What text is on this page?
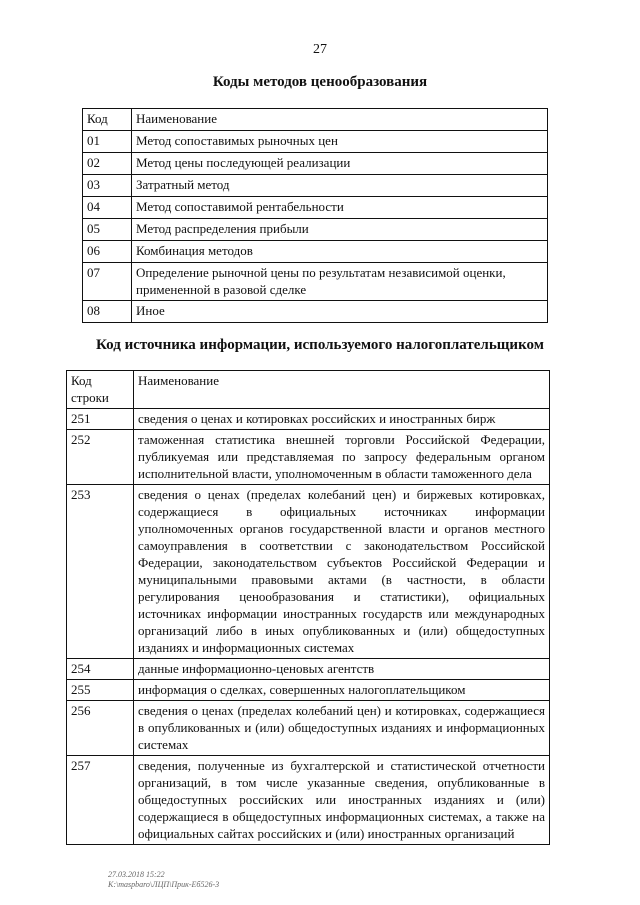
27
Коды методов ценообразования
Код	Наименование
01	Метод сопоставимых рыночных цен
02	Метод цены последующей реализации
03	Затратный метод
04	Метод сопоставимой рентабельности
05	Метод распределения прибыли
06	Комбинация методов
07	Определение рыночной цены по результатам независимой оценки, примененной в разовой сделке
08	Иное
Код источника информации, используемого налогоплательщиком
Код строки	Наименование
251	сведения о ценах и котировках российских и иностранных бирж
252	таможенная статистика внешней торговли Российской Федерации, публикуемая или представляемая по запросу федеральным органом исполнительной власти, уполномоченным в области таможенного дела
253	сведения о ценах (пределах колебаний цен) и биржевых котировках, содержащиеся в официальных источниках информации уполномоченных органов государственной власти и органов местного самоуправления в соответствии с законодательством Российской Федерации, законодательством субъектов Российской Федерации и муниципальными правовыми актами (в частности, в области регулирования ценообразования и статистики), официальных источниках информации иностранных государств или международных организаций либо в иных опубликованных и (или) общедоступных изданиях и информационных системах
254	данные информационно-ценовых агентств
255	информация о сделках, совершенных налогоплательщиком
256	сведения о ценах (пределах колебаний цен) и котировках, содержащиеся в опубликованных и (или) общедоступных изданиях и информационных системах
257	сведения, полученные из бухгалтерской и статистической отчетности организаций, в том числе указанные сведения, опубликованные в общедоступных российских или иностранных изданиях и (или) содержащиеся в общедоступных информационных системах, а также на официальных сайтах российских и (или) иностранных организаций
27.03.2018 15:22
K:\maspbaro\ЛЦП\Прик-Еб526-3
